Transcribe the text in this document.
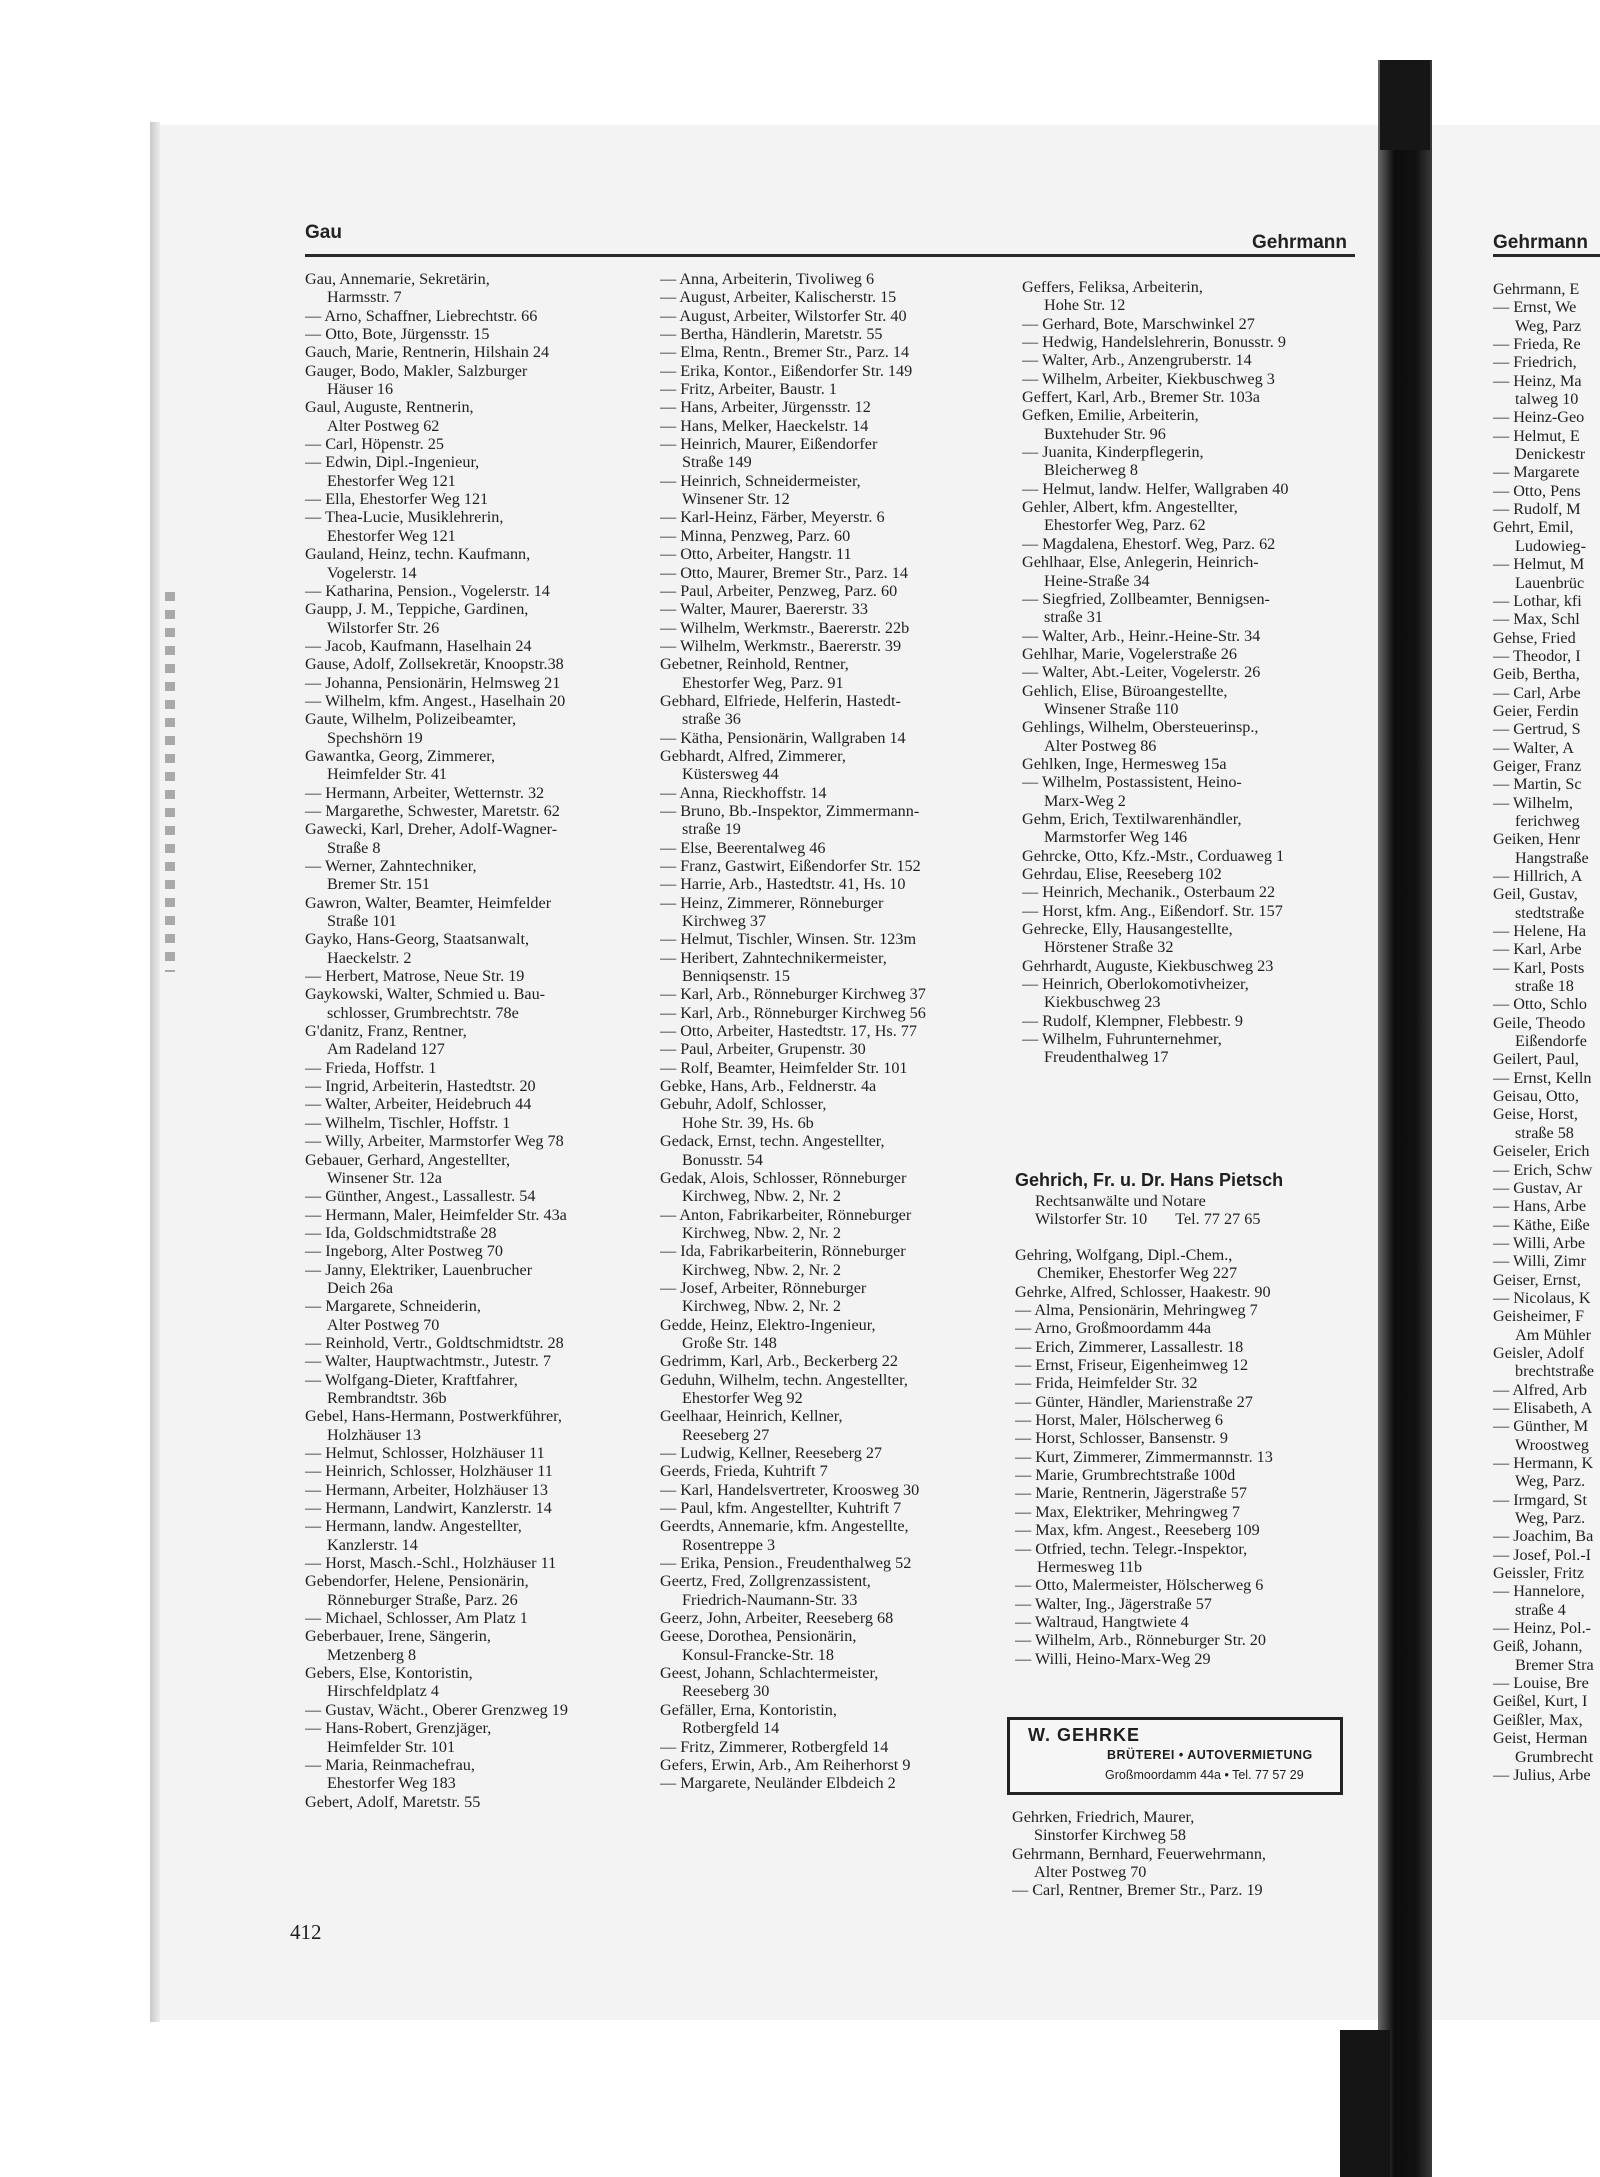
Gau	Gehrmann	Gehrmann
Gau, Annemarie, Sekretärin,
Harmsstr. 7
— Arno, Schaffner, Liebrechtstr. 66
— Otto, Bote, Jürgensstr. 15
Gauch, Marie, Rentnerin, Hilshain 24
Gauger, Bodo, Makler, Salzburger
Häuser 16
Gaul, Auguste, Rentnerin,
Alter Postweg 62
— Carl, Höpenstr. 25
— Edwin, Dipl.-Ingenieur,
Ehestorfer Weg 121
— Ella, Ehestorfer Weg 121
— Thea-Lucie, Musiklehrerin,
Ehestorfer Weg 121
Gauland, Heinz, techn. Kaufmann,
Vogelerstr. 14
— Katharina, Pension., Vogelerstr. 14
Gaupp, J. M., Teppiche, Gardinen,
Wilstorfer Str. 26
— Jacob, Kaufmann, Haselhain 24
Gause, Adolf, Zollsekretär, Knoopstr.38
— Johanna, Pensionärin, Helmsweg 21
— Wilhelm, kfm. Angest., Haselhain 20
Gaute, Wilhelm, Polizeibeamter,
Spechshörn 19
Gawantka, Georg, Zimmerer,
Heimfelder Str. 41
— Hermann, Arbeiter, Wetternstr. 32
— Margarethe, Schwester, Maretstr. 62
Gawecki, Karl, Dreher, Adolf-Wagner-
Straße 8
— Werner, Zahntechniker,
Bremer Str. 151
Gawron, Walter, Beamter, Heimfelder
Straße 101
Gayko, Hans-Georg, Staatsanwalt,
Haeckelstr. 2
— Herbert, Matrose, Neue Str. 19
Gaykowski, Walter, Schmied u. Bau-
schlosser, Grumbrechtstr. 78e
G'danitz, Franz, Rentner,
Am Radeland 127
— Frieda, Hoffstr. 1
— Ingrid, Arbeiterin, Hastedtstr. 20
— Walter, Arbeiter, Heidebruch 44
— Wilhelm, Tischler, Hoffstr. 1
— Willy, Arbeiter, Marmstorfer Weg 78
Gebauer, Gerhard, Angestellter,
Winsener Str. 12a
— Günther, Angest., Lassallestr. 54
— Hermann, Maler, Heimfelder Str. 43a
— Ida, Goldschmidtstraße 28
— Ingeborg, Alter Postweg 70
— Janny, Elektriker, Lauenbrucher
Deich 26a
— Margarete, Schneiderin,
Alter Postweg 70
— Reinhold, Vertr., Goldtschmidtstr. 28
— Walter, Hauptwachtmstr., Jutestr. 7
— Wolfgang-Dieter, Kraftfahrer,
Rembrandtstr. 36b
Gebel, Hans-Hermann, Postwerkführer,
Holzhäuser 13
— Helmut, Schlosser, Holzhäuser 11
— Heinrich, Schlosser, Holzhäuser 11
— Hermann, Arbeiter, Holzhäuser 13
— Hermann, Landwirt, Kanzlerstr. 14
— Hermann, landw. Angestellter,
Kanzlerstr. 14
— Horst, Masch.-Schl., Holzhäuser 11
Gebendorfer, Helene, Pensionärin,
Rönneburger Straße, Parz. 26
— Michael, Schlosser, Am Platz 1
Geberbauer, Irene, Sängerin,
Metzenberg 8
Gebers, Else, Kontoristin,
Hirschfeldplatz 4
— Gustav, Wächt., Oberer Grenzweg 19
— Hans-Robert, Grenzjäger,
Heimfelder Str. 101
— Maria, Reinmachefrau,
Ehestorfer Weg 183
Gebert, Adolf, Maretstr. 55
— Anna, Arbeiterin, Tivoliweg 6
— August, Arbeiter, Kalischerstr. 15
— August, Arbeiter, Wilstorfer Str. 40
— Bertha, Händlerin, Maretstr. 55
— Elma, Rentn., Bremer Str., Parz. 14
— Erika, Kontor., Eißendorfer Str. 149
— Fritz, Arbeiter, Baustr. 1
— Hans, Arbeiter, Jürgensstr. 12
— Hans, Melker, Haeckelstr. 14
— Heinrich, Maurer, Eißendorfer
Straße 149
— Heinrich, Schneidermeister,
Winsener Str. 12
— Karl-Heinz, Färber, Meyerstr. 6
— Minna, Penzweg, Parz. 60
— Otto, Arbeiter, Hangstr. 11
— Otto, Maurer, Bremer Str., Parz. 14
— Paul, Arbeiter, Penzweg, Parz. 60
— Walter, Maurer, Baererstr. 33
— Wilhelm, Werkmstr., Baererstr. 22b
— Wilhelm, Werkmstr., Baererstr. 39
Gebetner, Reinhold, Rentner,
Ehestorfer Weg, Parz. 91
Gebhard, Elfriede, Helferin, Hastedt-
straße 36
— Kätha, Pensionärin, Wallgraben 14
Gebhardt, Alfred, Zimmerer,
Küstersweg 44
— Anna, Rieckhoffstr. 14
— Bruno, Bb.-Inspektor, Zimmermann-
straße 19
— Else, Beerentalweg 46
— Franz, Gastwirt, Eißendorfer Str. 152
— Harrie, Arb., Hastedtstr. 41, Hs. 10
— Heinz, Zimmerer, Rönneburger
Kirchweg 37
— Helmut, Tischler, Winsen. Str. 123m
— Heribert, Zahntechnikermeister,
Benniqsenstr. 15
— Karl, Arb., Rönneburger Kirchweg 37
— Karl, Arb., Rönneburger Kirchweg 56
— Otto, Arbeiter, Hastedtstr. 17, Hs. 77
— Paul, Arbeiter, Grupenstr. 30
— Rolf, Beamter, Heimfelder Str. 101
Gebke, Hans, Arb., Feldnerstr. 4a
Gebuhr, Adolf, Schlosser,
Hohe Str. 39, Hs. 6b
Gedack, Ernst, techn. Angestellter,
Bonusstr. 54
Gedak, Alois, Schlosser, Rönneburger
Kirchweg, Nbw. 2, Nr. 2
— Anton, Fabrikarbeiter, Rönneburger
Kirchweg, Nbw. 2, Nr. 2
— Ida, Fabrikarbeiterin, Rönneburger
Kirchweg, Nbw. 2, Nr. 2
— Josef, Arbeiter, Rönneburger
Kirchweg, Nbw. 2, Nr. 2
Gedde, Heinz, Elektro-Ingenieur,
Große Str. 148
Gedrimm, Karl, Arb., Beckerberg 22
Geduhn, Wilhelm, techn. Angestellter,
Ehestorfer Weg 92
Geelhaar, Heinrich, Kellner,
Reeseberg 27
— Ludwig, Kellner, Reeseberg 27
Geerds, Frieda, Kuhtrift 7
— Karl, Handelsvertreter, Kroosweg 30
— Paul, kfm. Angestellter, Kuhtrift 7
Geerdts, Annemarie, kfm. Angestellte,
Rosentreppe 3
— Erika, Pension., Freudenthalweg 52
Geertz, Fred, Zollgrenzassistent,
Friedrich-Naumann-Str. 33
Geerz, John, Arbeiter, Reeseberg 68
Geese, Dorothea, Pensionärin,
Konsul-Francke-Str. 18
Geest, Johann, Schlachtermeister,
Reeseberg 30
Gefäller, Erna, Kontoristin,
Rotbergfeld 14
— Fritz, Zimmerer, Rotbergfeld 14
Gefers, Erwin, Arb., Am Reiherhorst 9
— Margarete, Neuländer Elbdeich 2
Geffers, Feliksa, Arbeiterin,
Hohe Str. 12
— Gerhard, Bote, Marschwinkel 27
— Hedwig, Handelslehrerin, Bonusstr. 9
— Walter, Arb., Anzengruberstr. 14
— Wilhelm, Arbeiter, Kiekbuschweg 3
Geffert, Karl, Arb., Bremer Str. 103a
Gefken, Emilie, Arbeiterin,
Buxtehuder Str. 96
— Juanita, Kinderpflegerin,
Bleicherweg 8
— Helmut, landw. Helfer, Wallgraben 40
Gehler, Albert, kfm. Angestellter,
Ehestorfer Weg, Parz. 62
— Magdalena, Ehestorf. Weg, Parz. 62
Gehlhaar, Else, Anlegerin, Heinrich-
Heine-Straße 34
— Siegfried, Zollbeamter, Bennigsen-
straße 31
— Walter, Arb., Heinr.-Heine-Str. 34
Gehlhar, Marie, Vogelerstraße 26
— Walter, Abt.-Leiter, Vogelerstr. 26
Gehlich, Elise, Büroangestellte,
Winsener Straße 110
Gehlings, Wilhelm, Obersteuerinsp.,
Alter Postweg 86
Gehlken, Inge, Hermesweg 15a
— Wilhelm, Postassistent, Heino-
Marx-Weg 2
Gehm, Erich, Textilwarenhändler,
Marmstorfer Weg 146
Gehrcke, Otto, Kfz.-Mstr., Corduaweg 1
Gehrdau, Elise, Reeseberg 102
— Heinrich, Mechanik., Osterbaum 22
— Horst, kfm. Ang., Eißendorf. Str. 157
Gehrecke, Elly, Hausangestellte,
Hörstener Straße 32
Gehrhardt, Auguste, Kiekbuschweg 23
— Heinrich, Oberlokomotivheizer,
Kiekbuschweg 23
— Rudolf, Klempner, Flebbestr. 9
— Wilhelm, Fuhrunternehmer,
Freudenthalweg 17
Gehrich, Fr. u. Dr. Hans Pietsch
Rechtsanwälte und Notare
Wilstorfer Str. 10       Tel. 77 27 65
Gehring, Wolfgang, Dipl.-Chem.,
Chemiker, Ehestorfer Weg 227
Gehrke, Alfred, Schlosser, Haakestr. 90
— Alma, Pensionärin, Mehringweg 7
— Arno, Großmoordamm 44a
— Erich, Zimmerer, Lassallestr. 18
— Ernst, Friseur, Eigenheimweg 12
— Frida, Heimfelder Str. 32
— Günter, Händler, Marienstraße 27
— Horst, Maler, Hölscherweg 6
— Horst, Schlosser, Bansenstr. 9
— Kurt, Zimmerer, Zimmermannstr. 13
— Marie, Grumbrechtstraße 100d
— Marie, Rentnerin, Jägerstraße 57
— Max, Elektriker, Mehringweg 7
— Max, kfm. Angest., Reeseberg 109
— Otfried, techn. Telegr.-Inspektor,
Hermesweg 11b
— Otto, Malermeister, Hölscherweg 6
— Walter, Ing., Jägerstraße 57
— Waltraud, Hangtwiete 4
— Wilhelm, Arb., Rönneburger Str. 20
— Willi, Heino-Marx-Weg 29
W. GEHRKE
BRÜTEREI • AUTOVERMIETUNG
Großmoordamm 44a • Tel. 77 57 29
Gehrken, Friedrich, Maurer,
Sinstorfer Kirchweg 58
Gehrmann, Bernhard, Feuerwehrmann,
Alter Postweg 70
— Carl, Rentner, Bremer Str., Parz. 19
Gehrmann, E
— Ernst, We
Weg, Parz
— Frieda, Re
— Friedrich,
— Heinz, Ma
talweg 10
— Heinz-Geo
— Helmut, E
Denickestr
— Margarete
— Otto, Pens
— Rudolf, M
Gehrt, Emil,
Ludowieg-
— Helmut, M
Lauenbrüc
— Lothar, kfi
— Max, Schl
Gehse, Fried
— Theodor, I
Geib, Bertha,
— Carl, Arbe
Geier, Ferdin
— Gertrud, S
— Walter, A
Geiger, Franz
— Martin, Sc
— Wilhelm,
ferichweg
Geiken, Henr
Hangstraße
— Hillrich, A
Geil, Gustav,
stedtstraße
— Helene, Ha
— Karl, Arbe
— Karl, Posts
straße 18
— Otto, Schlo
Geile, Theodo
Eißendorfe
Geilert, Paul,
— Ernst, Kelln
Geisau, Otto,
Geise, Horst,
straße 58
Geiseler, Erich
— Erich, Schw
— Gustav, Ar
— Hans, Arbe
— Käthe, Eiße
— Willi, Arbe
— Willi, Zimr
Geiser, Ernst,
— Nicolaus, K
Geisheimer, F
Am Mühler
Geisler, Adolf
brechtstraße
— Alfred, Arb
— Elisabeth, A
— Günther, M
Wroostweg
— Hermann, K
Weg, Parz.
— Irmgard, St
Weg, Parz.
— Joachim, Ba
— Josef, Pol.-I
Geissler, Fritz
— Hannelore,
straße 4
— Heinz, Pol.-
Geiß, Johann,
Bremer Stra
— Louise, Bre
Geißel, Kurt, I
Geißler, Max,
Geist, Herman
Grumbrecht
— Julius, Arbe
412
